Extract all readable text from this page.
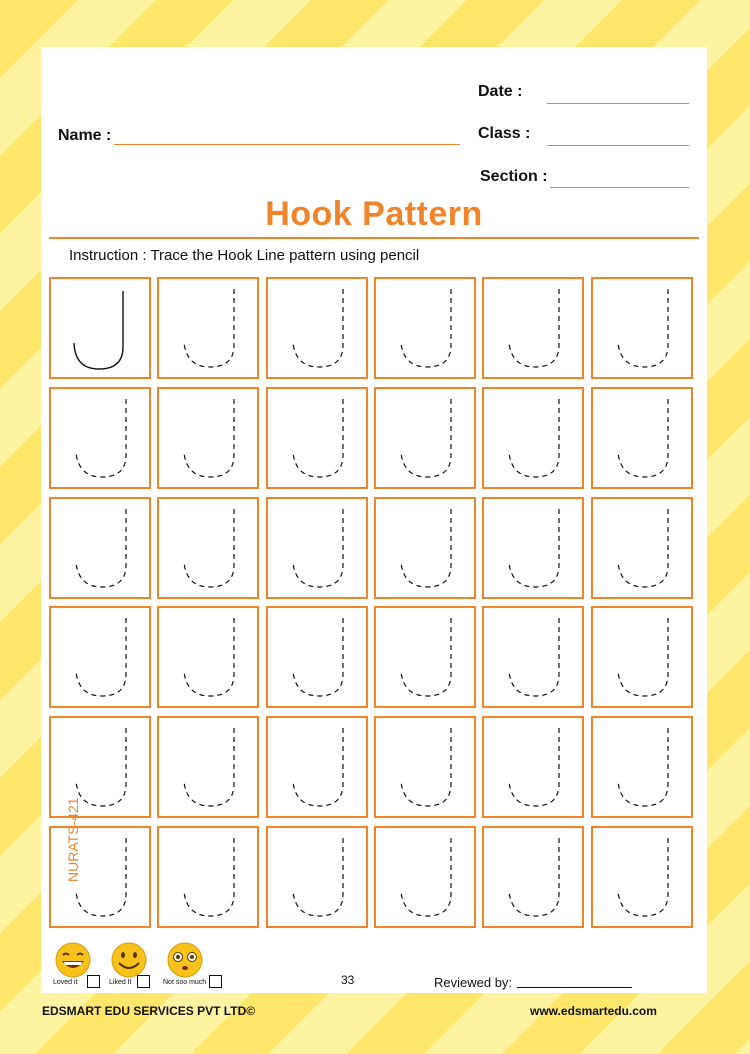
Date :
Name :	Class :
Section :
Hook Pattern
Instruction : Trace the Hook Line pattern using pencil
NURATS-421
Loved it	Liked It	Not soo much	33	Reviewed by:
EDSMART EDU SERVICES PVT LTD©	www.edsmartedu.com
